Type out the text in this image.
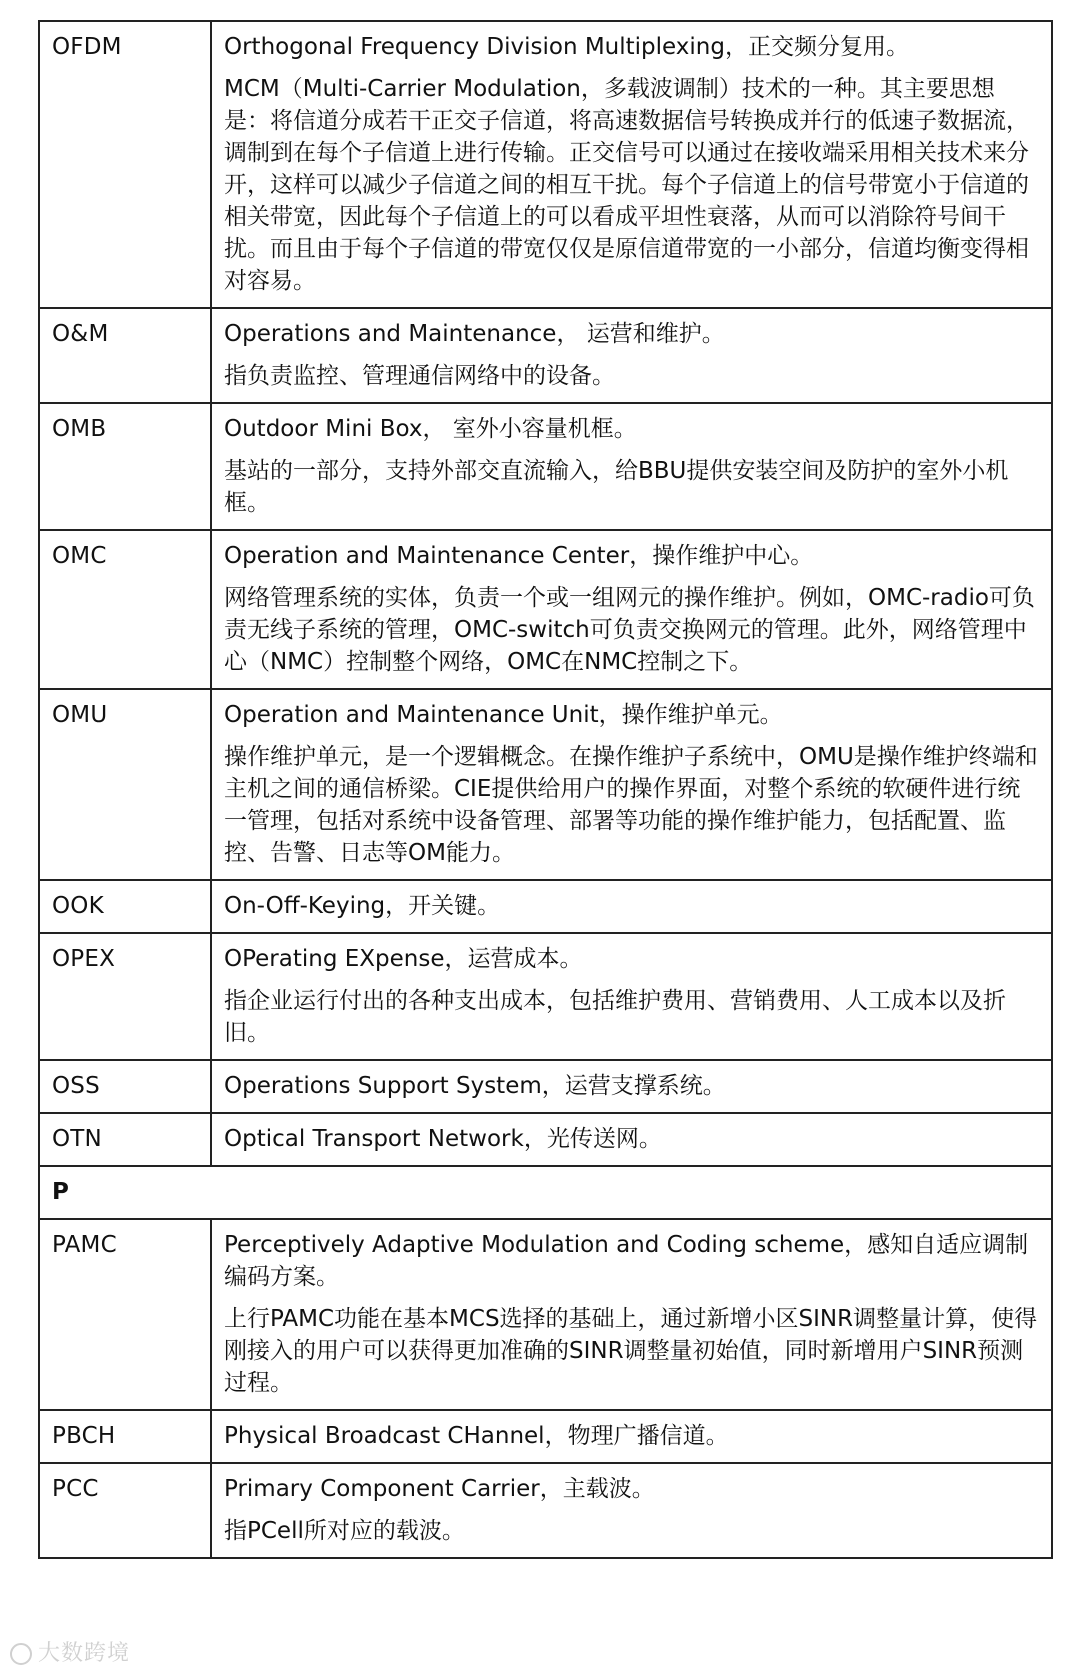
OFDM	Orthogonal Frequency Division Multiplexing，正交频分复用。

MCM（Multi-Carrier Modulation，多载波调制）技术的一种。其主要思想是：将信道分成若干正交子信道，将高速数据信号转换成并行的低速子数据流，调制到在每个子信道上进行传输。正交信号可以通过在接收端采用相关技术来分开，这样可以减少子信道之间的相互干扰。每个子信道上的信号带宽小于信道的相关带宽，因此每个子信道上的可以看成平坦性衰落，从而可以消除符号间干扰。而且由于每个子信道的带宽仅仅是原信道带宽的一小部分，信道均衡变得相对容易。

O&M	Operations and Maintenance， 运营和维护。

指负责监控、管理通信网络中的设备。

OMB	Outdoor Mini Box， 室外小容量机框。

基站的一部分，支持外部交直流输入，给BBU提供安装空间及防护的室外小机框。

OMC	Operation and Maintenance Center，操作维护中心。

网络管理系统的实体，负责一个或一组网元的操作维护。例如，OMC-radio可负责无线子系统的管理，OMC-switch可负责交换网元的管理。此外，网络管理中心（NMC）控制整个网络，OMC在NMC控制之下。

OMU	Operation and Maintenance Unit，操作维护单元。

操作维护单元，是一个逻辑概念。在操作维护子系统中，OMU是操作维护终端和主机之间的通信桥梁。CIE提供给用户的操作界面，对整个系统的软硬件进行统一管理，包括对系统中设备管理、部署等功能的操作维护能力，包括配置、监控、告警、日志等OM能力。

OOK	On-Off-Keying，开关键。

OPEX	OPerating EXpense，运营成本。

指企业运行付出的各种支出成本，包括维护费用、营销费用、人工成本以及折旧。

OSS	Operations Support System，运营支撑系统。

OTN	Optical Transport Network，光传送网。

P	
PAMC	Perceptively Adaptive Modulation and Coding scheme，感知自适应调制编码方案。

上行PAMC功能在基本MCS选择的基础上，通过新增小区SINR调整量计算，使得刚接入的用户可以获得更加准确的SINR调整量初始值，同时新增用户SINR预测过程。

PBCH	Physical Broadcast CHannel，物理广播信道。

PCC	Primary Component Carrier，主载波。

指PCell所对应的载波。

大数跨境
